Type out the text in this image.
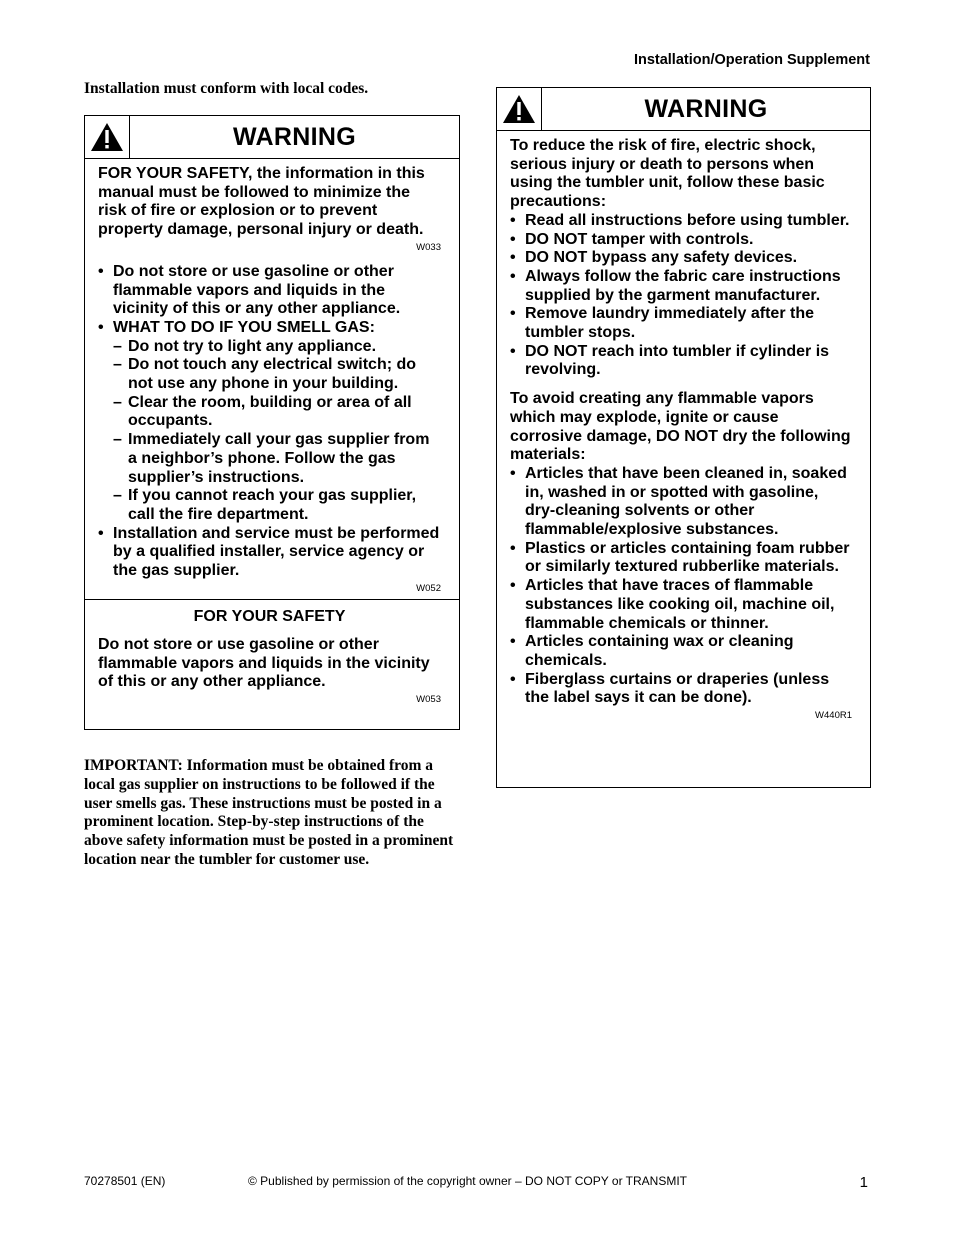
Installation/Operation Supplement
Installation must conform with local codes.
WARNING

FOR YOUR SAFETY, the information in this manual must be followed to minimize the risk of fire or explosion or to prevent property damage, personal injury or death.

W033
• Do not store or use gasoline or other flammable vapors and liquids in the vicinity of this or any other appliance.
• WHAT TO DO IF YOU SMELL GAS:
– Do not try to light any appliance.
– Do not touch any electrical switch; do not use any phone in your building.
– Clear the room, building or area of all occupants.
– Immediately call your gas supplier from a neighbor’s phone. Follow the gas supplier’s instructions.
– If you cannot reach your gas supplier, call the fire department.
• Installation and service must be performed by a qualified installer, service agency or the gas supplier.
W052
FOR YOUR SAFETY

Do not store or use gasoline or other flammable vapors and liquids in the vicinity of this or any other appliance.

W053
IMPORTANT: Information must be obtained from a local gas supplier on instructions to be followed if the user smells gas. These instructions must be posted in a prominent location. Step-by-step instructions of the above safety information must be posted in a prominent location near the tumbler for customer use.
WARNING

To reduce the risk of fire, electric shock, serious injury or death to persons when using the tumbler unit, follow these basic precautions:

• Read all instructions before using tumbler.
• DO NOT tamper with controls.
• DO NOT bypass any safety devices.
• Always follow the fabric care instructions supplied by the garment manufacturer.
• Remove laundry immediately after the tumbler stops.
• DO NOT reach into tumbler if cylinder is revolving.

To avoid creating any flammable vapors which may explode, ignite or cause corrosive damage, DO NOT dry the following materials:

• Articles that have been cleaned in, soaked in, washed in or spotted with gasoline, dry-cleaning solvents or other flammable/explosive substances.
• Plastics or articles containing foam rubber or similarly textured rubberlike materials.
• Articles that have traces of flammable substances like cooking oil, machine oil, flammable chemicals or thinner.
• Articles containing wax or cleaning chemicals.
• Fiberglass curtains or draperies (unless the label says it can be done).
W440R1
70278501 (EN)	© Published by permission of the copyright owner – DO NOT COPY or TRANSMIT	1
